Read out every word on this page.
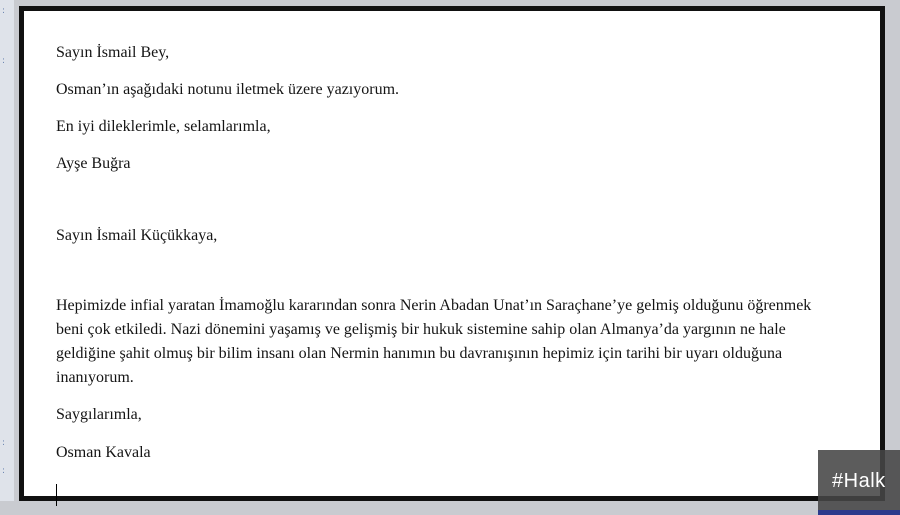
:
:
:
:

Sayın İsmail Bey,

Osman’ın aşağıdaki notunu iletmek üzere yazıyorum.

En iyi dileklerimle, selamlarımla,

Ayşe Buğra

Sayın İsmail Küçükkaya,

Hepimizde infial yaratan İmamoğlu kararından sonra Nerin Abadan Unat’ın Saraçhane’ye gelmiş olduğunu öğrenmek beni çok etkiledi. Nazi dönemini yaşamış ve gelişmiş bir hukuk sistemine sahip olan Almanya’da yargının ne hale geldiğine şahit olmuş bir bilim insanı olan Nermin hanımın bu davranışının hepimiz için tarihi bir uyarı olduğuna inanıyorum.

Saygılarımla,

Osman Kavala

#Halk
